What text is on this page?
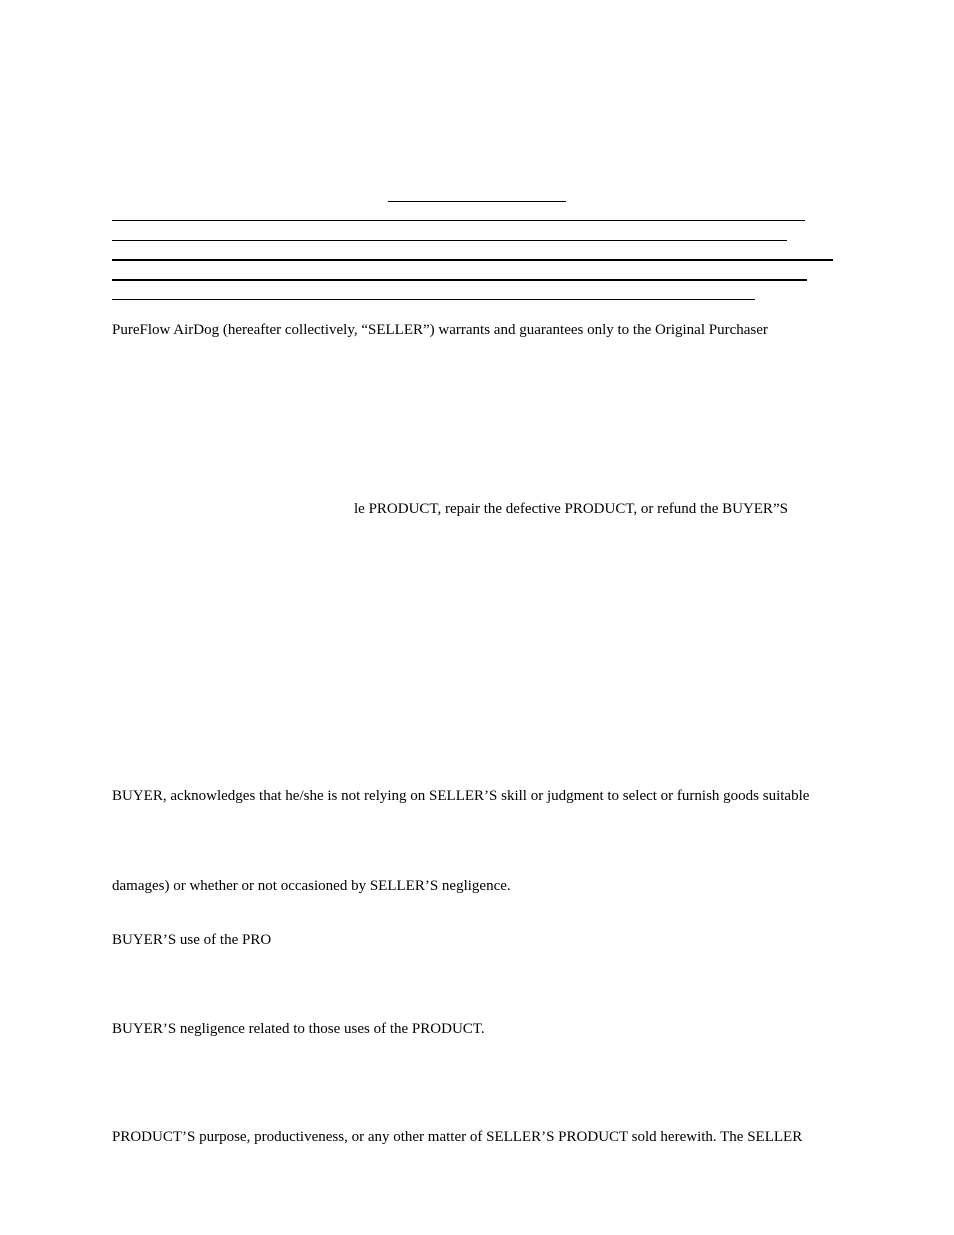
PureFlow AirDog (hereafter collectively, “SELLER”) warrants and guarantees only to the Original Purchaser
le PRODUCT, repair the defective PRODUCT, or refund the BUYER”S
BUYER, acknowledges that he/she is not relying on SELLER’S skill or judgment to select or furnish goods suitable
damages) or whether or not occasioned by SELLER’S negligence.
BUYER’S use of the PRO
BUYER’S negligence related to those uses of the PRODUCT.
PRODUCT’S purpose, productiveness, or any other matter of SELLER’S PRODUCT sold herewith. The SELLER
